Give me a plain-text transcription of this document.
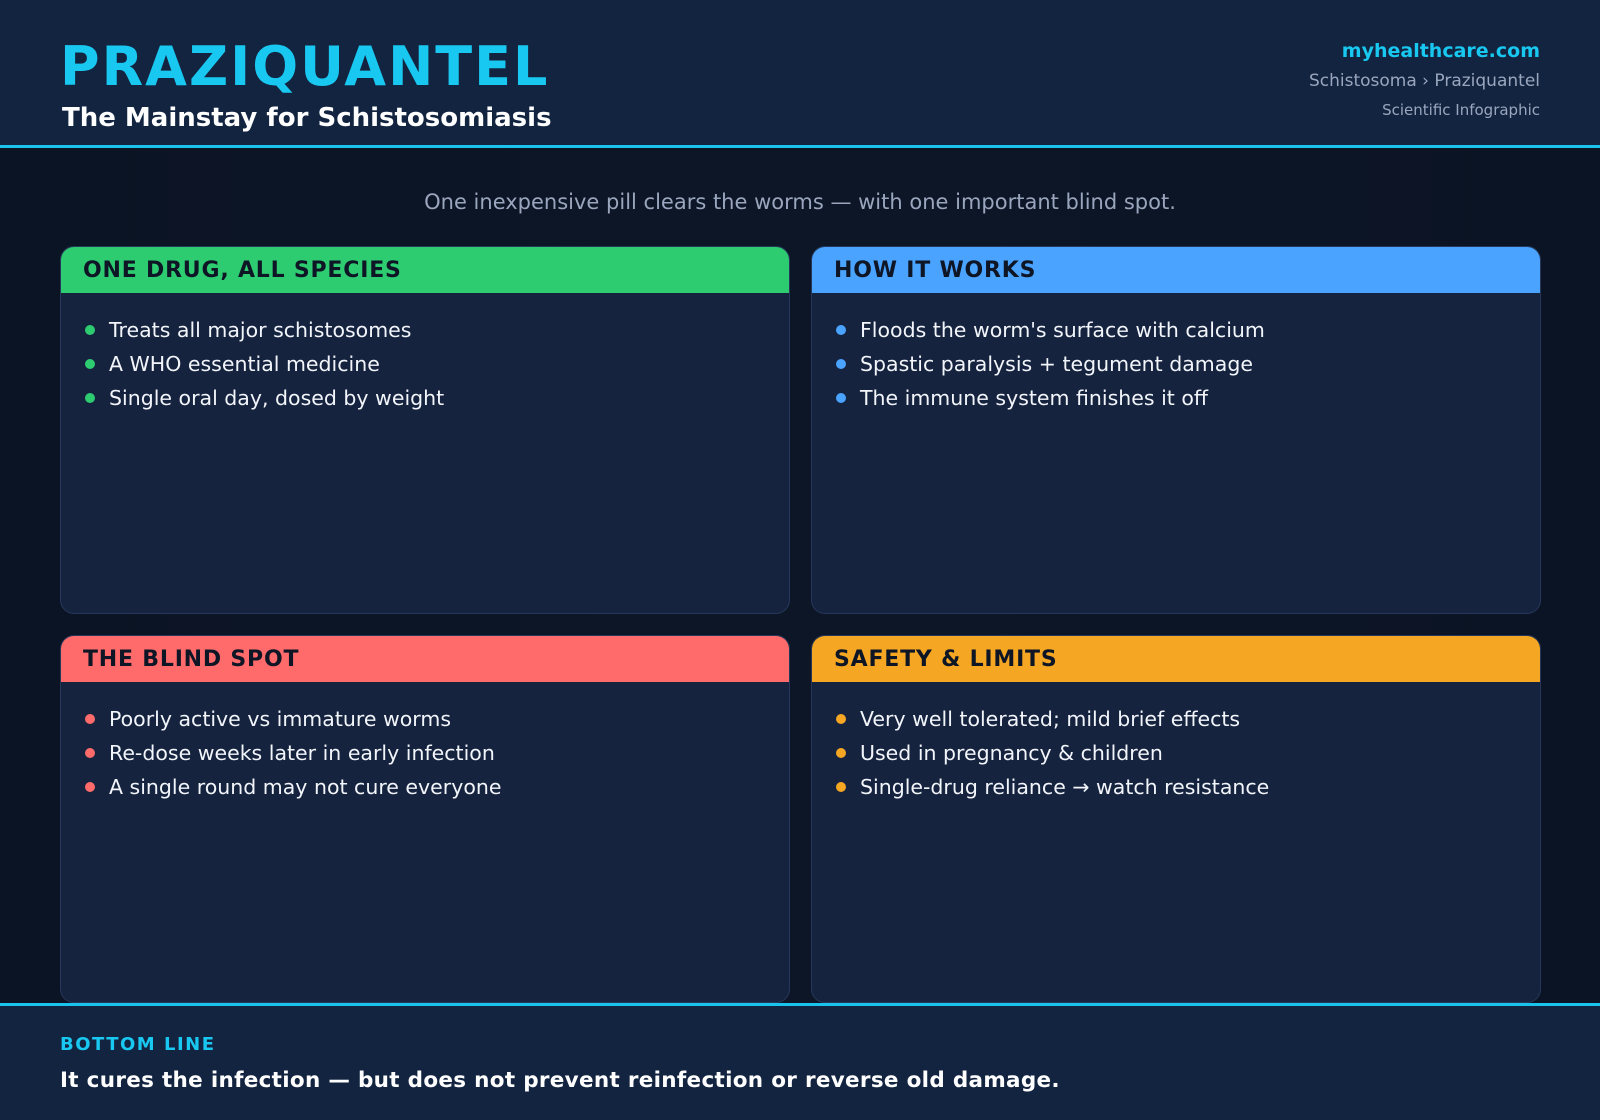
PRAZIQUANTEL
The Mainstay for Schistosomiasis
myhealthcare.com
Schistosoma › Praziquantel
Scientific Infographic
One inexpensive pill clears the worms — with one important blind spot.
ONE DRUG, ALL SPECIES
Treats all major schistosomes
A WHO essential medicine
Single oral day, dosed by weight
HOW IT WORKS
Floods the worm's surface with calcium
Spastic paralysis + tegument damage
The immune system finishes it off
THE BLIND SPOT
Poorly active vs immature worms
Re-dose weeks later in early infection
A single round may not cure everyone
SAFETY & LIMITS
Very well tolerated; mild brief effects
Used in pregnancy & children
Single-drug reliance → watch resistance
BOTTOM LINE
It cures the infection — but does not prevent reinfection or reverse old damage.
